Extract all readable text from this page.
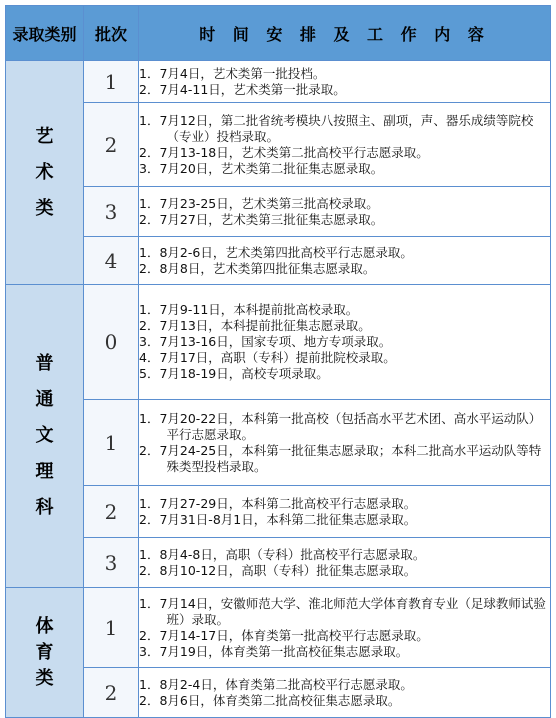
录取类别	批次	时 间 安 排 及 工 作 内 容
艺术类	1	1．7月4日，艺术类第一批投档。
2．7月4-11日，艺术类第一批录取。

	2	1．7月12日，第二批省统考模块八按照主、副项，声、器乐成绩等院校（专业）投档录取。
2．7月13-18日，艺术类第二批高校平行志愿录取。
3．7月20日，艺术类第二批征集志愿录取。

	3	1．7月23-25日，艺术类第三批高校录取。
2．7月27日，艺术类第三批征集志愿录取。

	4	1．8月2-6日，艺术类第四批高校平行志愿录取。
2．8月8日，艺术类第四批征集志愿录取。

普通文理科	0	1．7月9-11日，本科提前批高校录取。
2．7月13日，本科提前批征集志愿录取。
3．7月13-16日，国家专项、地方专项录取。
4．7月17日，高职（专科）提前批院校录取。
5．7月18-19日，高校专项录取。

	1	1．7月20-22日，本科第一批高校（包括高水平艺术团、高水平运动队）平行志愿录取。
2．7月24-25日，本科第一批征集志愿录取；本科二批高水平运动队等特殊类型投档录取。

	2	1．7月27-29日，本科第二批高校平行志愿录取。
2．7月31日-8月1日，本科第二批征集志愿录取。

	3	1．8月4-8日，高职（专科）批高校平行志愿录取。
2．8月10-12日，高职（专科）批征集志愿录取。

体育类	1	1．7月14日，安徽师范大学、淮北师范大学体育教育专业（足球教师试验班）录取。
2．7月14-17日，体育类第一批高校平行志愿录取。
3．7月19日，体育类第一批高校征集志愿录取。

	2	1．8月2-4日，体育类第二批高校平行志愿录取。
2．8月6日，体育类第二批高校征集志愿录取。
